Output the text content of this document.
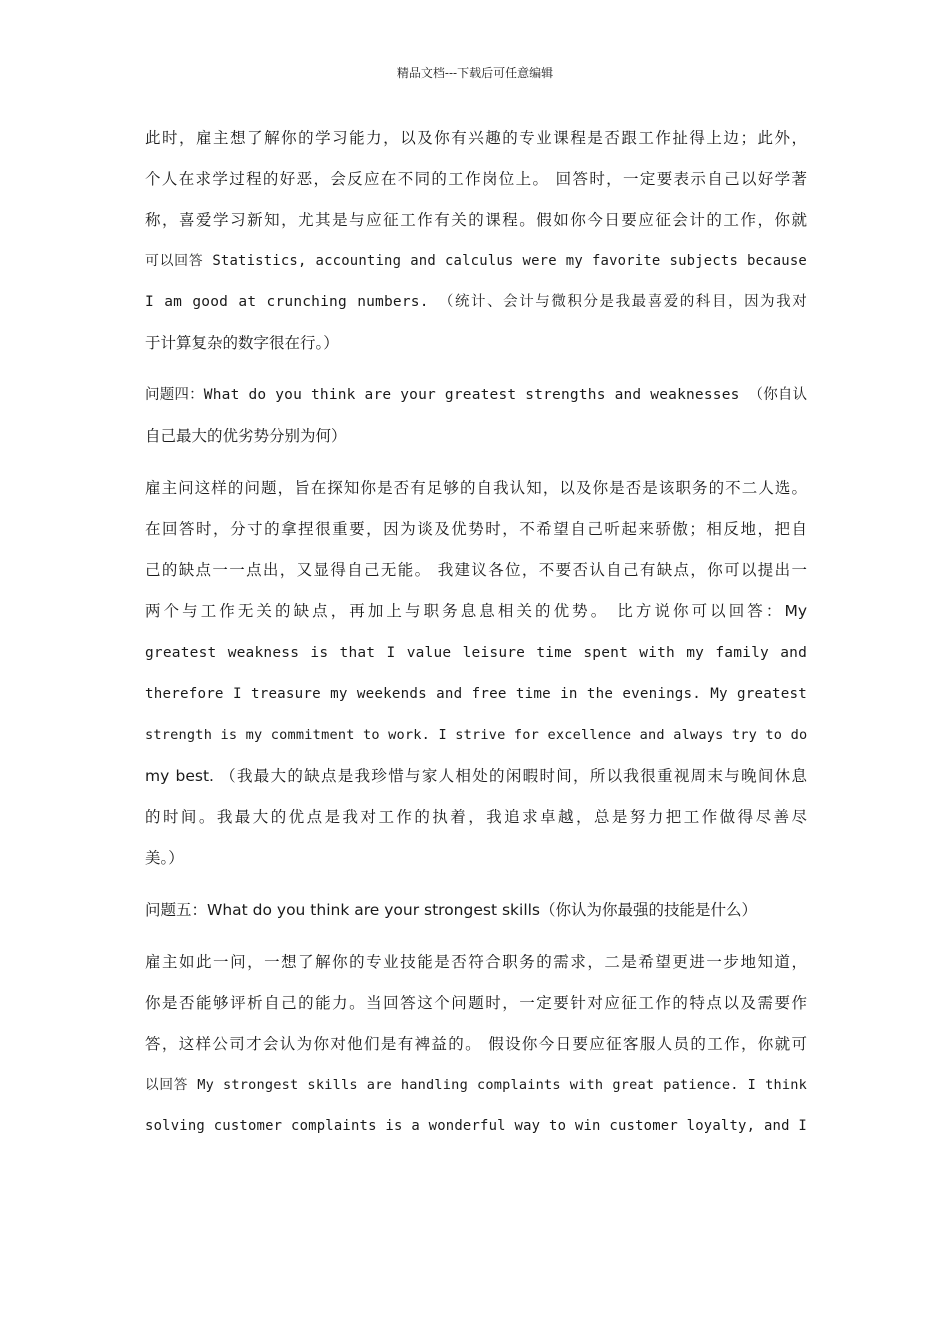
精品文档---下载后可任意编辑
此时，雇主想了解你的学习能力，以及你有兴趣的专业课程是否跟工作扯得上边；此外，
个人在求学过程的好恶，会反应在不同的工作岗位上。 回答时，一定要表示自己以好学著
称，喜爱学习新知，尤其是与应征工作有关的课程。假如你今日要应征会计的工作，你就
可以回答 Statistics, accounting and calculus were my favorite subjects because
I am good at crunching numbers. （统计、会计与微积分是我最喜爱的科目，因为我对
于计算复杂的数字很在行。）
问题四：What do you think are your greatest strengths and weaknesses （你自认
自己最大的优劣势分别为何）
雇主问这样的问题，旨在探知你是否有足够的自我认知，以及你是否是该职务的不二人选。
在回答时，分寸的拿捏很重要，因为谈及优势时，不希望自己听起来骄傲；相反地，把自
己的缺点一一点出，又显得自己无能。 我建议各位，不要否认自己有缺点，你可以提出一
两个与工作无关的缺点，再加上与职务息息相关的优势。 比方说你可以回答：My
greatest weakness is that I value leisure time spent with my family and
therefore I treasure my weekends and free time in the evenings. My greatest
strength is my commitment to work. I strive for excellence and always try to do
my best. （我最大的缺点是我珍惜与家人相处的闲暇时间，所以我很重视周末与晚间休息
的时间。我最大的优点是我对工作的执着，我追求卓越，总是努力把工作做得尽善尽
美。）
问题五：What do you think are your strongest skills（你认为你最强的技能是什么）
雇主如此一问，一想了解你的专业技能是否符合职务的需求，二是希望更进一步地知道，
你是否能够评析自己的能力。当回答这个问题时，一定要针对应征工作的特点以及需要作
答，这样公司才会认为你对他们是有裨益的。 假设你今日要应征客服人员的工作，你就可
以回答 My strongest skills are handling complaints with great patience. I think
solving customer complaints is a wonderful way to win customer loyalty, and I
